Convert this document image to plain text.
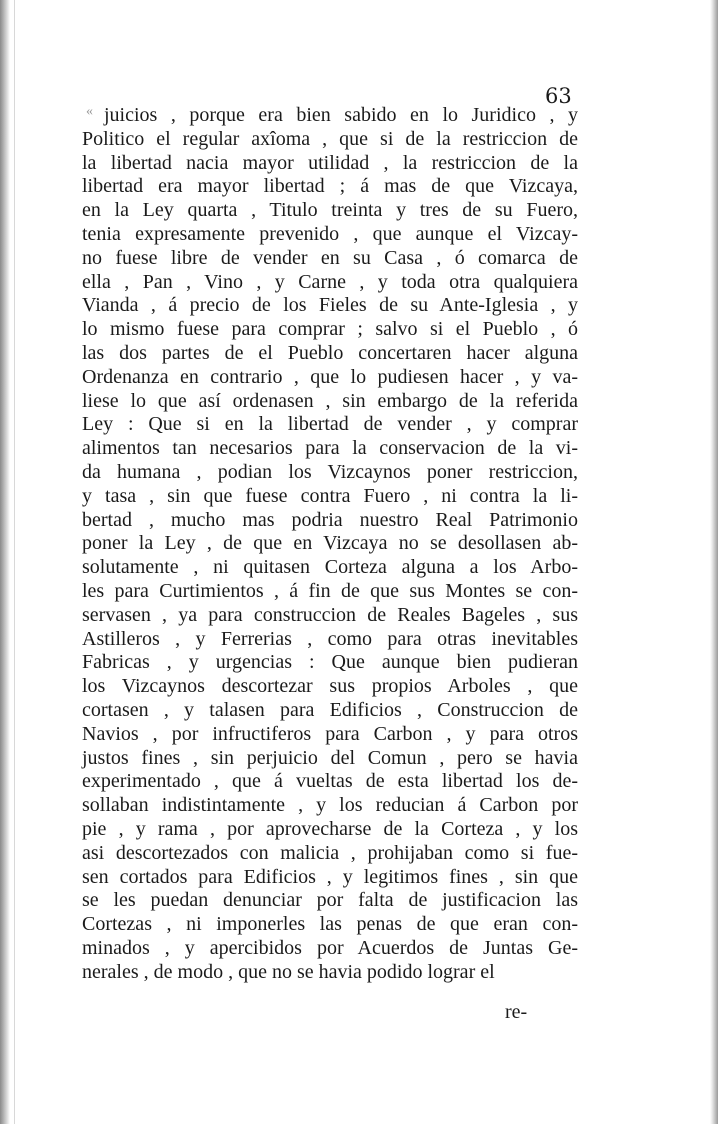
63
« juicios , porque era bien sabido en lo Juridico , y
Politico el regular axîoma , que si de la restriccion de
la libertad nacia mayor utilidad , la restriccion de la
libertad era mayor libertad ; á mas de que Vizcaya,
en la Ley quarta , Titulo treinta y tres de su Fuero,
tenia expresamente prevenido , que aunque el Vizcay-
no fuese libre de vender en su Casa , ó comarca de
ella , Pan , Vino , y Carne , y toda otra qualquiera
Vianda , á precio de los Fieles de su Ante-Iglesia , y
lo mismo fuese para comprar ; salvo si el Pueblo , ó
las dos partes de el Pueblo concertaren hacer alguna
Ordenanza en contrario , que lo pudiesen hacer , y va-
liese lo que así ordenasen , sin embargo de la referida
Ley : Que si en la libertad de vender , y comprar
alimentos tan necesarios para la conservacion de la vi-
da humana , podian los Vizcaynos poner restriccion,
y tasa , sin que fuese contra Fuero , ni contra la li-
bertad , mucho mas podria nuestro Real Patrimonio
poner la Ley , de que en Vizcaya no se desollasen ab-
solutamente , ni quitasen Corteza alguna a los Arbo-
les para Curtimientos , á fin de que sus Montes se con-
servasen , ya para construccion de Reales Bageles , sus
Astilleros , y Ferrerias , como para otras inevitables
Fabricas , y urgencias : Que aunque bien pudieran
los Vizcaynos descortezar sus propios Arboles , que
cortasen , y talasen para Edificios , Construccion de
Navios , por infructiferos para Carbon , y para otros
justos fines , sin perjuicio del Comun , pero se havia
experimentado , que á vueltas de esta libertad los de-
sollaban indistintamente , y los reducian á Carbon por
pie , y rama , por aprovecharse de la Corteza , y los
asi descortezados con malicia , prohijaban como si fue-
sen cortados para Edificios , y legitimos fines , sin que
se les puedan denunciar por falta de justificacion las
Cortezas , ni imponerles las penas de que eran con-
minados , y apercibidos por Acuerdos de Juntas Ge-
nerales , de modo , que no se havia podido lograr el
re-
